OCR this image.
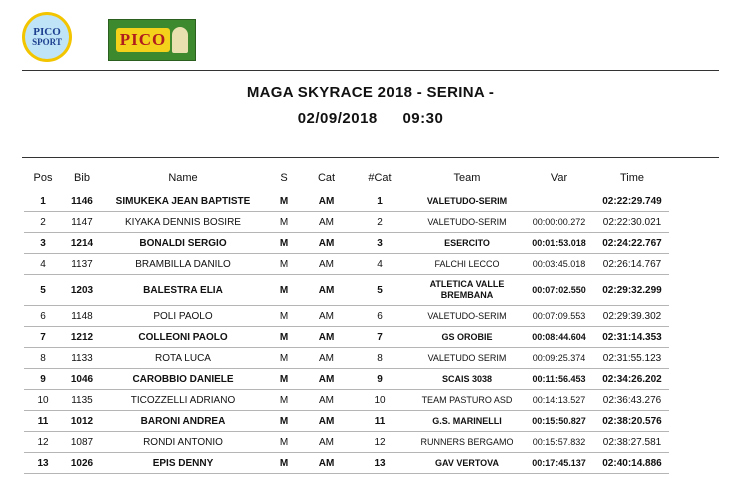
PICO
SPORT	PICO
MAGA SKYRACE 2018 - SERINA -
02/09/2018 09:30
Pos	Bib	Name	S	Cat	#Cat	Team	Var	Time
1	1146	SIMUKEKA JEAN BAPTISTE	M	AM	1	VALETUDO-SERIM		02:22:29.749
2	1147	KIYAKA DENNIS BOSIRE	M	AM	2	VALETUDO-SERIM	00:00:00.272	02:22:30.021
3	1214	BONALDI SERGIO	M	AM	3	ESERCITO	00:01:53.018	02:24:22.767
4	1137	BRAMBILLA DANILO	M	AM	4	FALCHI LECCO	00:03:45.018	02:26:14.767
5	1203	BALESTRA ELIA	M	AM	5	ATLETICA VALLE BREMBANA	00:07:02.550	02:29:32.299
6	1148	POLI PAOLO	M	AM	6	VALETUDO-SERIM	00:07:09.553	02:29:39.302
7	1212	COLLEONI PAOLO	M	AM	7	GS OROBIE	00:08:44.604	02:31:14.353
8	1133	ROTA LUCA	M	AM	8	VALETUDO SERIM	00:09:25.374	02:31:55.123
9	1046	CAROBBIO DANIELE	M	AM	9	SCAIS 3038	00:11:56.453	02:34:26.202
10	1135	TICOZZELLI ADRIANO	M	AM	10	TEAM PASTURO ASD	00:14:13.527	02:36:43.276
11	1012	BARONI ANDREA	M	AM	11	G.S. MARINELLI	00:15:50.827	02:38:20.576
12	1087	RONDI ANTONIO	M	AM	12	RUNNERS BERGAMO	00:15:57.832	02:38:27.581
13	1026	EPIS DENNY	M	AM	13	GAV VERTOVA	00:17:45.137	02:40:14.886
